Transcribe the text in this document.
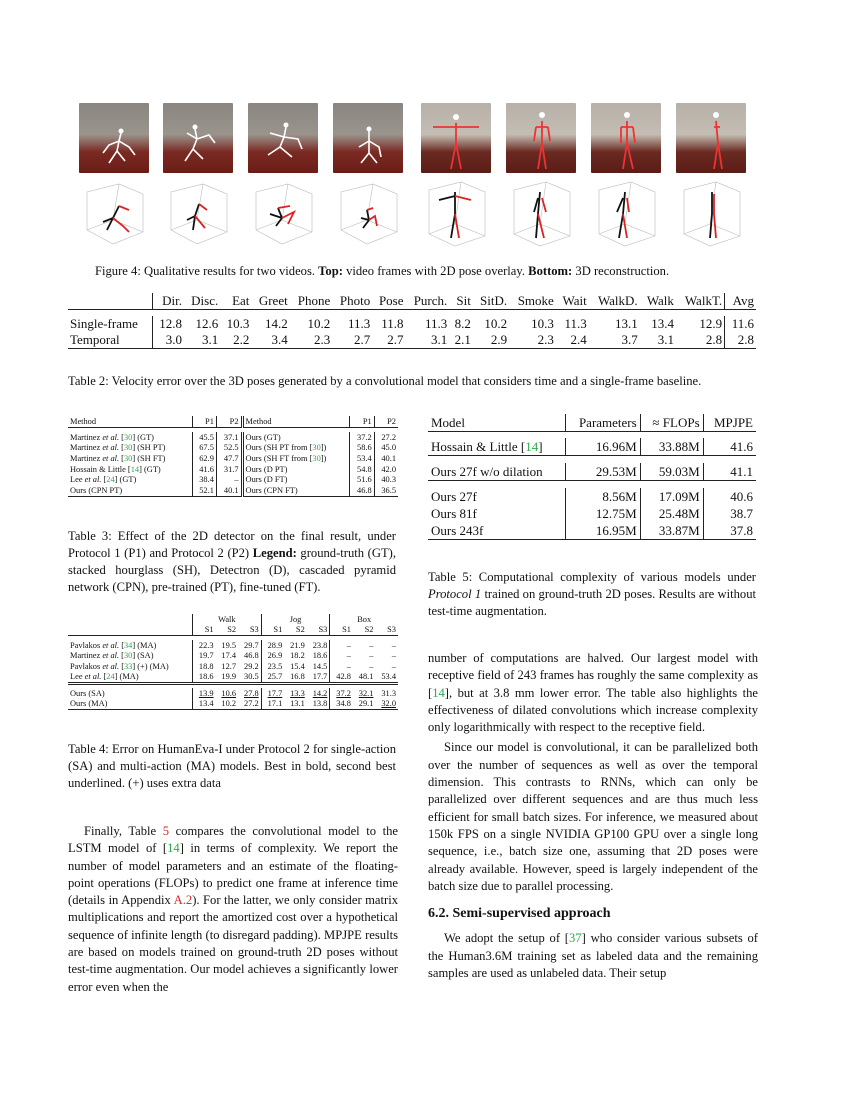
Figure 4: Qualitative results for two videos. Top: video frames with 2D pose overlay. Bottom: 3D reconstruction.
	Dir.	Disc.	Eat	Greet	Phone	Photo	Pose	Purch.	Sit	SitD.	Smoke	Wait	WalkD.	Walk	WalkT.	Avg

Single-frame	12.8	12.6	10.3	14.2	10.2	11.3	11.8	11.3	8.2	10.2	10.3	11.3	13.1	13.4	12.9	11.6
Temporal	3.0	3.1	2.2	3.4	2.3	2.7	2.7	3.1	2.1	2.9	2.3	2.4	3.7	3.1	2.8	2.8
Table 2: Velocity error over the 3D poses generated by a convolutional model that considers time and a single-frame baseline.
Method	P1	P2	Method	P1	P2

Martinez et al. [30] (GT)	45.5	37.1	Ours (GT)	37.2	27.2
Martinez et al. [30] (SH PT)	67.5	52.5	Ours (SH PT from [30])	58.6	45.0
Martinez et al. [30] (SH FT)	62.9	47.7	Ours (SH FT from [30])	53.4	40.1
Hossain & Little [14] (GT)	41.6	31.7	Ours (D PT)	54.8	42.0
Lee et al. [24] (GT)	38.4	–	Ours (D FT)	51.6	40.3
Ours (CPN PT)	52.1	40.1	Ours (CPN FT)	46.8	36.5
Table 3: Effect of the 2D detector on the final result, under Protocol 1 (P1) and Protocol 2 (P2) Legend: ground-truth (GT), stacked hourglass (SH), Detectron (D), cascaded pyramid network (CPN), pre-trained (PT), fine-tuned (FT).
	Walk			Jog			Box		
	S1	S2	S3	S1	S2	S3	S1	S2	S3

Pavlakos et al. [34] (MA)	22.3	19.5	29.7	28.9	21.9	23.8	–	–	–
Martinez et al. [30] (SA)	19.7	17.4	46.8	26.9	18.2	18.6	–	–	–
Pavlakos et al. [33] (+) (MA)	18.8	12.7	29.2	23.5	15.4	14.5	–	–	–
Lee et al. [24] (MA)	18.6	19.9	30.5	25.7	16.8	17.7	42.8	48.1	53.4

Ours (SA)	13.9	10.6	27.8	17.7	13.3	14.2	37.2	32.1	31.3
Ours (MA)	13.4	10.2	27.2	17.1	13.1	13.8	34.8	29.1	32.0
Table 4: Error on HumanEva-I under Protocol 2 for single-action (SA) and multi-action (MA) models. Best in bold, second best underlined. (+) uses extra data

Finally, Table 5 compares the convolutional model to the LSTM model of [14] in terms of complexity. We report the number of model parameters and an estimate of the floating-point operations (FLOPs) to predict one frame at inference time (details in Appendix A.2). For the latter, we only consider matrix multiplications and report the amortized cost over a hypothetical sequence of infinite length (to disregard padding). MPJPE results are based on models trained on ground-truth 2D poses without test-time augmentation. Our model achieves a significantly lower error even when the

Model	Parameters	≈ FLOPs	MPJPE

Hossain & Little [14]	16.96M	33.88M	41.6

Ours 27f w/o dilation	29.53M	59.03M	41.1

Ours 27f	8.56M	17.09M	40.6
Ours 81f	12.75M	25.48M	38.7
Ours 243f	16.95M	33.87M	37.8
Table 5: Computational complexity of various models under Protocol 1 trained on ground-truth 2D poses. Results are without test-time augmentation.

number of computations are halved. Our largest model with receptive field of 243 frames has roughly the same complexity as [14], but at 3.8 mm lower error. The table also highlights the effectiveness of dilated convolutions which increase complexity only logarithmically with respect to the receptive field.

Since our model is convolutional, it can be parallelized both over the number of sequences as well as over the temporal dimension. This contrasts to RNNs, which can only be parallelized over different sequences and are thus much less efficient for small batch sizes. For inference, we measured about 150k FPS on a single NVIDIA GP100 GPU over a single long sequence, i.e., batch size one, assuming that 2D poses were already available. However, speed is largely independent of the batch size due to parallel processing.

6.2. Semi-supervised approach

We adopt the setup of [37] who consider various subsets of the Human3.6M training set as labeled data and the remaining samples are used as unlabeled data. Their setup
